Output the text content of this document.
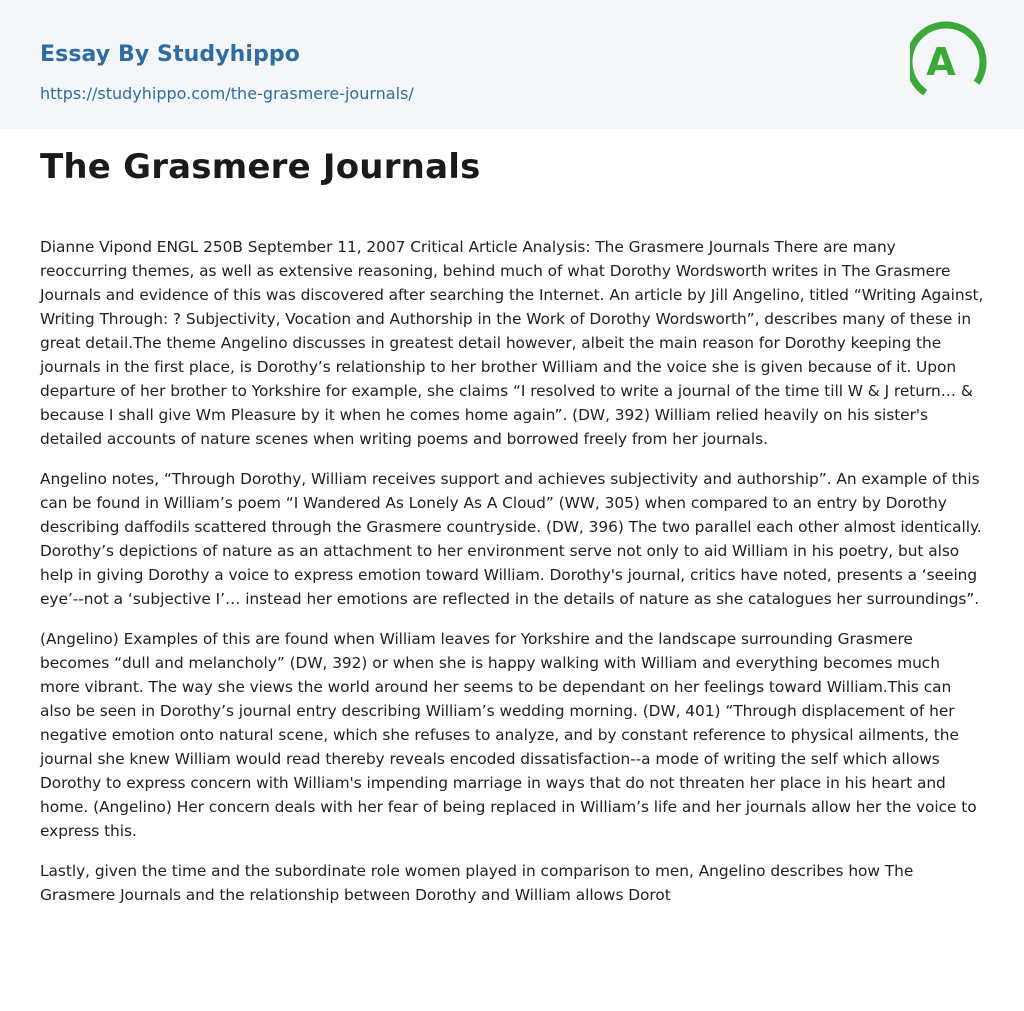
Essay By Studyhippo
https://studyhippo.com/the-grasmere-journals/
A
The Grasmere Journals

Dianne Vipond ENGL 250B September 11, 2007 Critical Article Analysis: The Grasmere Journals There are many reoccurring themes, as well as extensive reasoning, behind much of what Dorothy Wordsworth writes in The Grasmere Journals and evidence of this was discovered after searching the Internet. An article by Jill Angelino, titled “Writing Against, Writing Through: ? Subjectivity, Vocation and Authorship in the Work of Dorothy Wordsworth”, describes many of these in great detail.The theme Angelino discusses in greatest detail however, albeit the main reason for Dorothy keeping the journals in the first place, is Dorothy’s relationship to her brother William and the voice she is given because of it. Upon departure of her brother to Yorkshire for example, she claims “I resolved to write a journal of the time till W & J return… & because I shall give Wm Pleasure by it when he comes home again”. (DW, 392) William relied heavily on his sister's detailed accounts of nature scenes when writing poems and borrowed freely from her journals.

Angelino notes, “Through Dorothy, William receives support and achieves subjectivity and authorship”. An example of this can be found in William’s poem “I Wandered As Lonely As A Cloud” (WW, 305) when compared to an entry by Dorothy describing daffodils scattered through the Grasmere countryside. (DW, 396) The two parallel each other almost identically. Dorothy’s depictions of nature as an attachment to her environment serve not only to aid William in his poetry, but also help in giving Dorothy a voice to express emotion toward William. Dorothy's journal, critics have noted, presents a ‘seeing eye’--not a ‘subjective I’… instead her emotions are reflected in the details of nature as she catalogues her surroundings”.

(Angelino) Examples of this are found when William leaves for Yorkshire and the landscape surrounding Grasmere becomes “dull and melancholy” (DW, 392) or when she is happy walking with William and everything becomes much more vibrant. The way she views the world around her seems to be dependant on her feelings toward William.This can also be seen in Dorothy’s journal entry describing William’s wedding morning. (DW, 401) “Through displacement of her negative emotion onto natural scene, which she refuses to analyze, and by constant reference to physical ailments, the journal she knew William would read thereby reveals encoded dissatisfaction--a mode of writing the self which allows Dorothy to express concern with William's impending marriage in ways that do not threaten her place in his heart and home. (Angelino) Her concern deals with her fear of being replaced in William’s life and her journals allow her the voice to express this.

Lastly, given the time and the subordinate role women played in comparison to men, Angelino describes how The Grasmere Journals and the relationship between Dorothy and William allows Dorot
